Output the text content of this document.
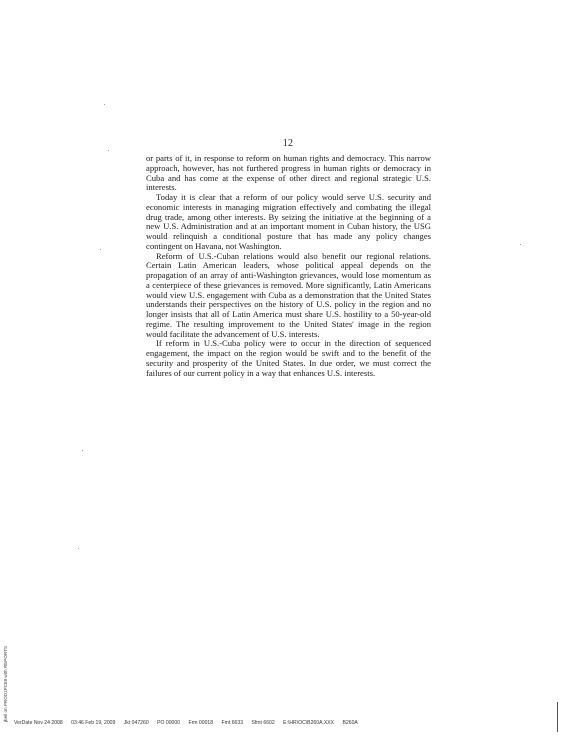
12

or parts of it, in response to reform on human rights and democracy. This narrow approach, however, has not furthered progress in human rights or democracy in Cuba and has come at the expense of other direct and regional strategic U.S. interests.

Today it is clear that a reform of our policy would serve U.S. security and economic interests in managing migration effectively and combating the illegal drug trade, among other interests. By seizing the initiative at the beginning of a new U.S. Administration and at an important moment in Cuban history, the USG would relinquish a conditional posture that has made any policy changes contingent on Havana, not Washington.

Reform of U.S.-Cuban relations would also benefit our regional relations. Certain Latin American leaders, whose political appeal depends on the propagation of an array of anti-Washington grievances, would lose momentum as a centerpiece of these grievances is removed. More significantly, Latin Americans would view U.S. engagement with Cuba as a demonstration that the United States understands their perspectives on the history of U.S. policy in the region and no longer insists that all of Latin America must share U.S. hostility to a 50-year-old regime. The resulting improvement to the United States' image in the region would facilitate the advancement of U.S. interests.

If reform in U.S.-Cuba policy were to occur in the direction of sequenced engagement, the impact on the region would be swift and to the benefit of the security and prosperity of the United States. In due order, we must correct the failures of our current policy in a way that enhances U.S. interests.

jbell on PROD1PC69 with REPORTS
VerDate Nov 24 2008 03:46 Feb 19, 2009 Jkt 047260 PO 00000 Frm 00018 Fmt 6633 Sfmt 6602 E:\HR\OC\B260A.XXX B260A
